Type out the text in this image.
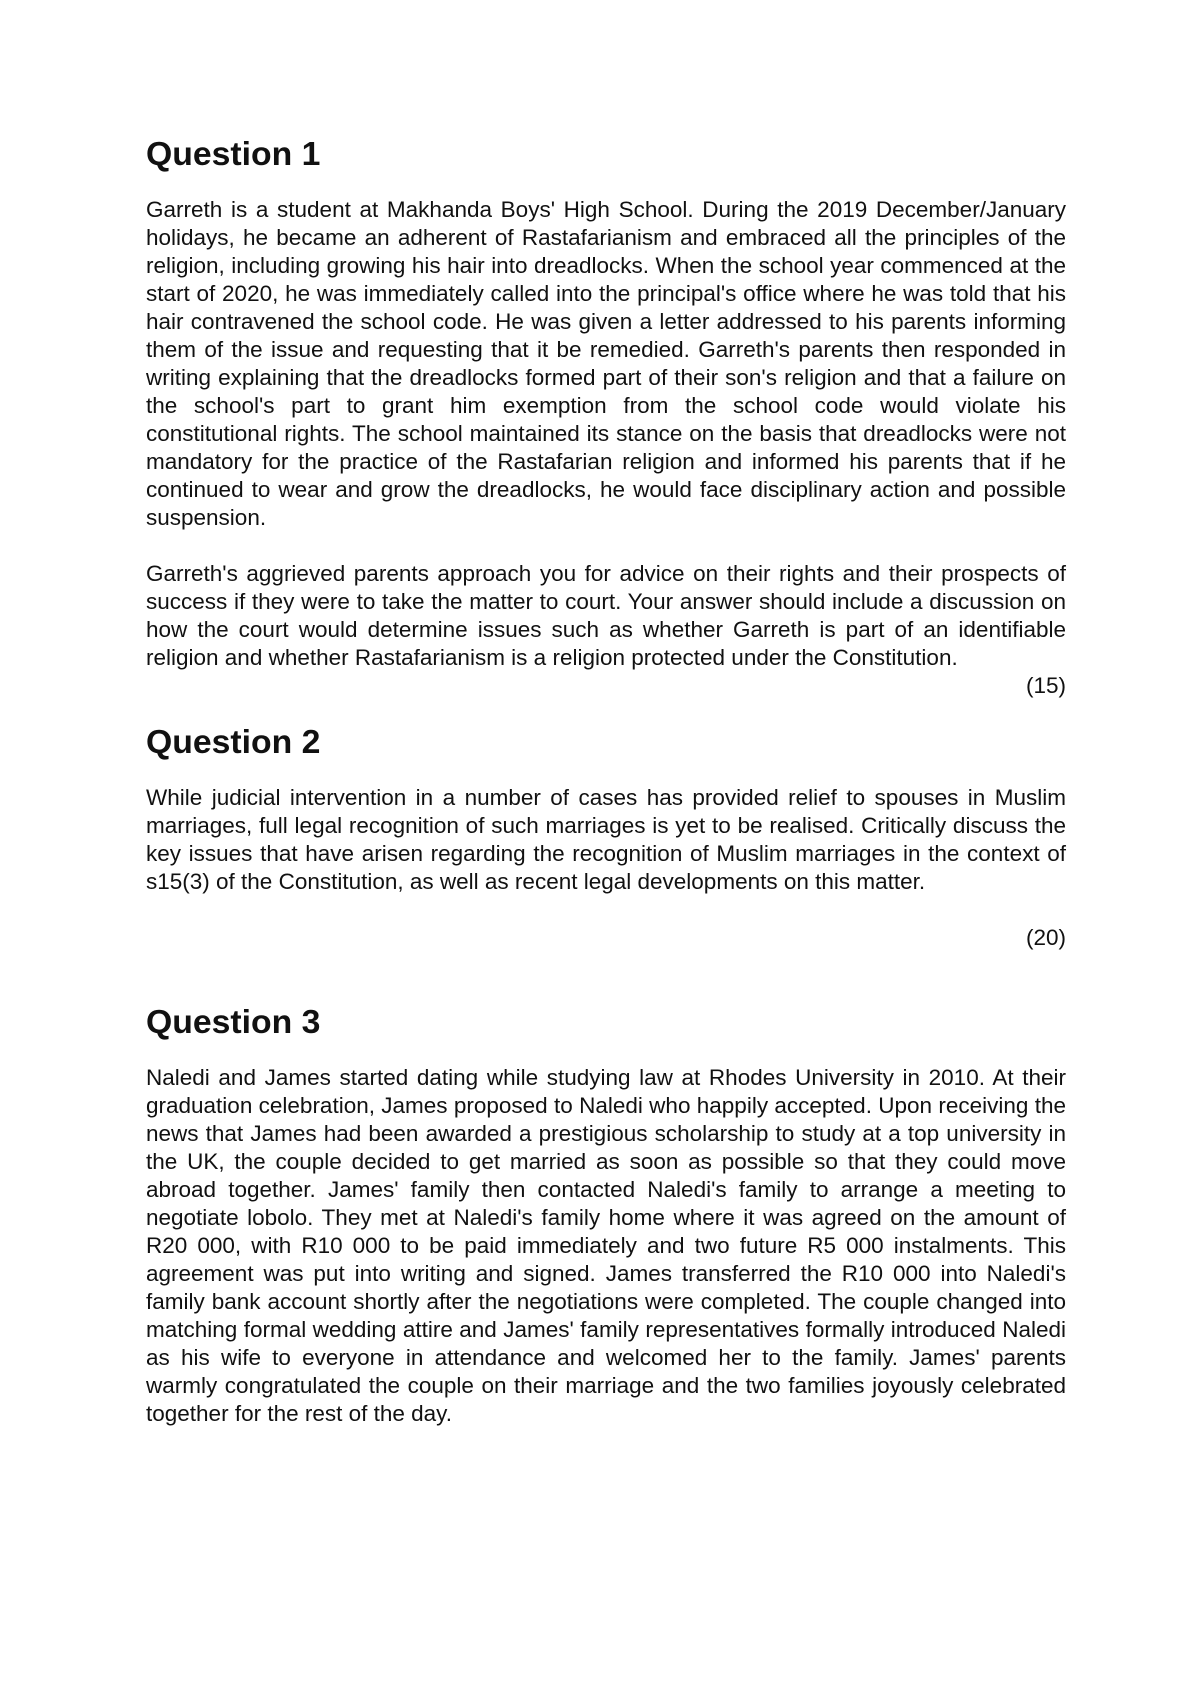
Question 1

Garreth is a student at Makhanda Boys' High School. During the 2019 December/January holidays, he became an adherent of Rastafarianism and embraced all the principles of the religion, including growing his hair into dreadlocks. When the school year commenced at the start of 2020, he was immediately called into the principal's office where he was told that his hair contravened the school code. He was given a letter addressed to his parents informing them of the issue and requesting that it be remedied. Garreth's parents then responded in writing explaining that the dreadlocks formed part of their son's religion and that a failure on the school's part to grant him exemption from the school code would violate his constitutional rights. The school maintained its stance on the basis that dreadlocks were not mandatory for the practice of the Rastafarian religion and informed his parents that if he continued to wear and grow the dreadlocks, he would face disciplinary action and possible suspension.

Garreth's aggrieved parents approach you for advice on their rights and their prospects of success if they were to take the matter to court. Your answer should include a discussion on how the court would determine issues such as whether Garreth is part of an identifiable religion and whether Rastafarianism is a religion protected under the Constitution.

(15)

Question 2

While judicial intervention in a number of cases has provided relief to spouses in Muslim marriages, full legal recognition of such marriages is yet to be realised. Critically discuss the key issues that have arisen regarding the recognition of Muslim marriages in the context of s15(3) of the Constitution, as well as recent legal developments on this matter.

(20)

Question 3

Naledi and James started dating while studying law at Rhodes University in 2010. At their graduation celebration, James proposed to Naledi who happily accepted. Upon receiving the news that James had been awarded a prestigious scholarship to study at a top university in the UK, the couple decided to get married as soon as possible so that they could move abroad together. James' family then contacted Naledi's family to arrange a meeting to negotiate lobolo. They met at Naledi's family home where it was agreed on the amount of R20 000, with R10 000 to be paid immediately and two future R5 000 instalments. This agreement was put into writing and signed. James transferred the R10 000 into Naledi's family bank account shortly after the negotiations were completed. The couple changed into matching formal wedding attire and James' family representatives formally introduced Naledi as his wife to everyone in attendance and welcomed her to the family. James' parents warmly congratulated the couple on their marriage and the two families joyously celebrated together for the rest of the day.
